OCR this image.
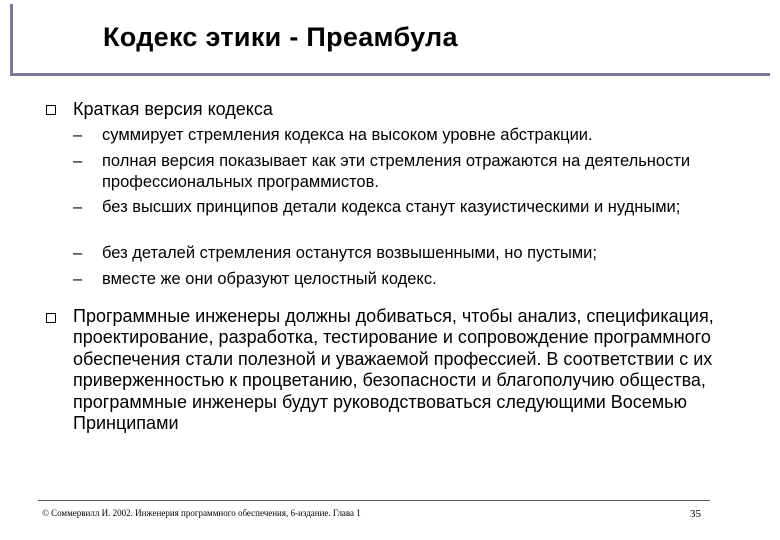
Кодекс этики - Преамбула

Краткая версия кодекса

– суммирует стремления кодекса на высоком уровне абстракции.
– полная версия показывает как эти стремления отражаются на деятельности профессиональных программистов.
– без высших принципов детали кодекса станут казуистическими и нудными;
– без деталей стремления останутся возвышенными, но пустыми;
– вместе же они образуют целостный кодекс.

Программные инженеры должны добиваться, чтобы анализ, спецификация, проектирование, разработка, тестирование и сопровождение программного обеспечения стали полезной и уважаемой профессией. В соответствии с их приверженностью к процветанию, безопасности и благополучию общества, программные инженеры будут руководствоваться следующими Восемью Принципами

© Соммервилл И. 2002. Инженерия программного обеспечения, 6-издание. Глава 1	35
